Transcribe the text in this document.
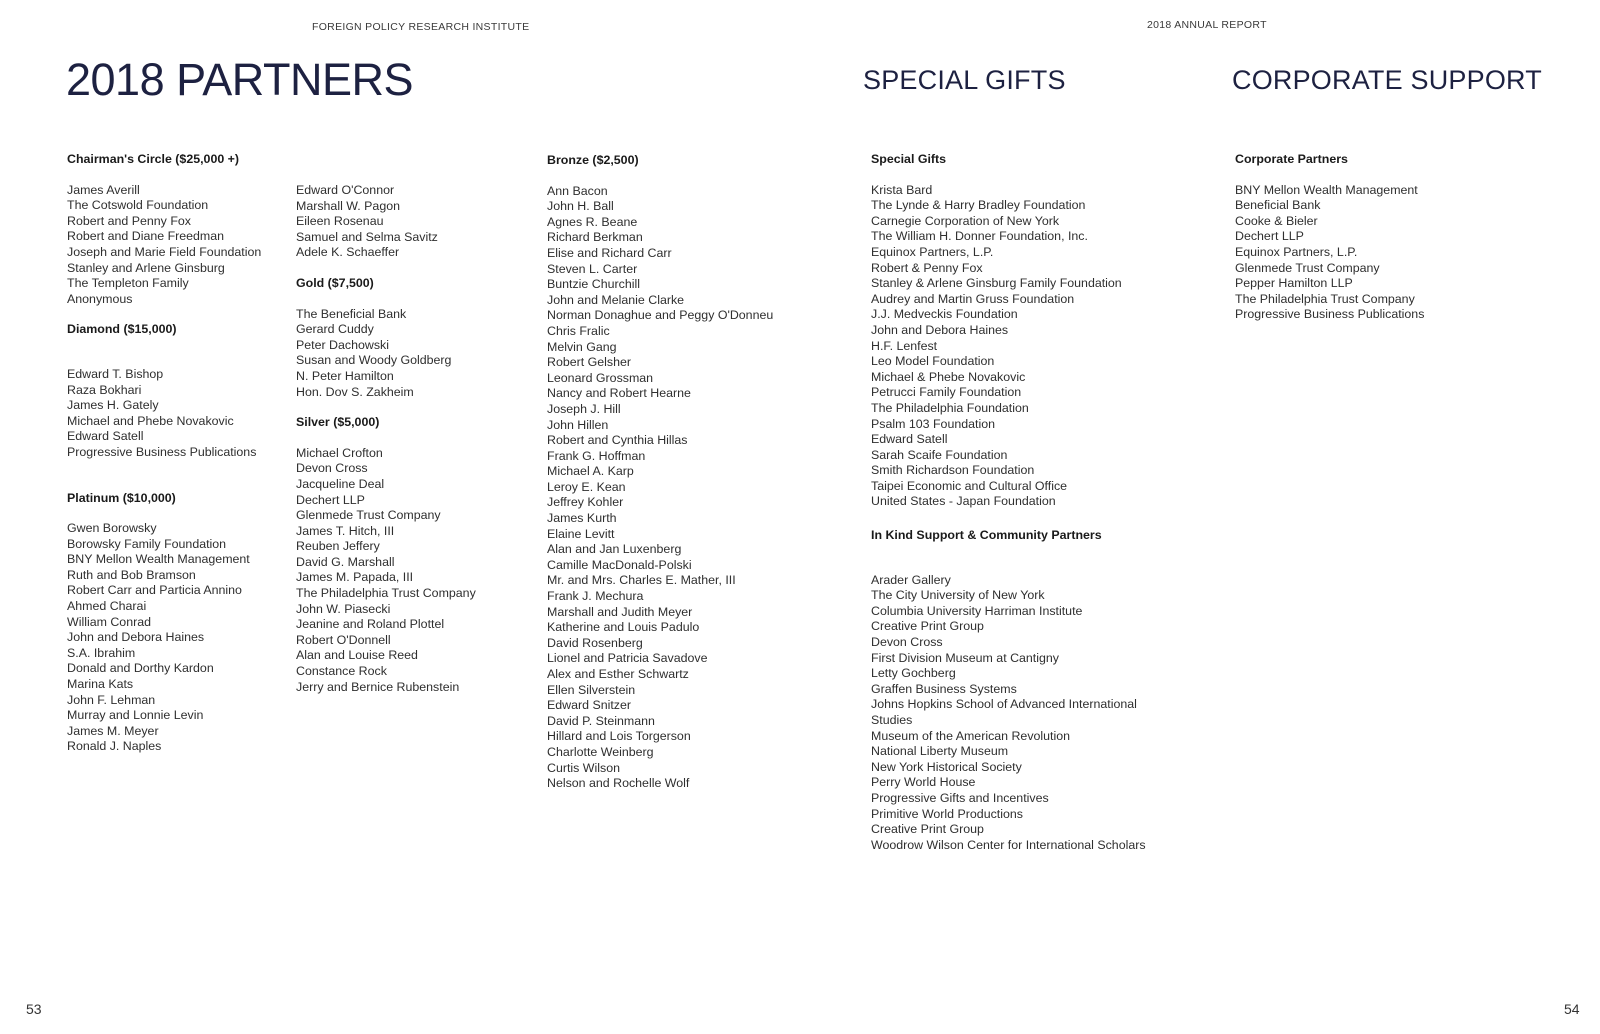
FOREIGN POLICY RESEARCH INSTITUTE	2018 ANNUAL REPORT
2018 PARTNERS	SPECIAL GIFTS	CORPORATE SUPPORT
Chairman's Circle ($25,000 +)
James Averill
The Cotswold Foundation
Robert and Penny Fox
Robert and Diane Freedman
Joseph and Marie Field Foundation
Stanley and Arlene Ginsburg
The Templeton Family
Anonymous
Diamond ($15,000)
Edward T. Bishop
Raza Bokhari
James H. Gately
Michael and Phebe Novakovic
Edward Satell
Progressive Business Publications
Platinum ($10,000)
Gwen Borowsky
Borowsky Family Foundation
BNY Mellon Wealth Management
Ruth and Bob Bramson
Robert Carr and Particia Annino
Ahmed Charai
William Conrad
John and Debora Haines
S.A. Ibrahim
Donald and Dorthy Kardon
Marina Kats
John F. Lehman
Murray and Lonnie Levin
James M. Meyer
Ronald J. Naples
Edward O'Connor
Marshall W. Pagon
Eileen Rosenau
Samuel and Selma Savitz
Adele K. Schaeffer
Gold ($7,500)
The Beneficial Bank
Gerard Cuddy
Peter Dachowski
Susan and Woody Goldberg
N. Peter Hamilton
Hon. Dov S. Zakheim
Silver ($5,000)
Michael Crofton
Devon Cross
Jacqueline Deal
Dechert LLP
Glenmede Trust Company
James T. Hitch, III
Reuben Jeffery
David G. Marshall
James M. Papada, III
The Philadelphia Trust Company
John W. Piasecki
Jeanine and Roland Plottel
Robert O'Donnell
Alan and Louise Reed
Constance Rock
Jerry and Bernice Rubenstein
Bronze ($2,500)
Ann Bacon
John H. Ball
Agnes R. Beane
Richard Berkman
Elise and Richard Carr
Steven L. Carter
Buntzie Churchill
John and Melanie Clarke
Norman Donaghue and Peggy O'Donneu
Chris Fralic
Melvin Gang
Robert Gelsher
Leonard Grossman
Nancy and Robert Hearne
Joseph J. Hill
John Hillen
Robert and Cynthia Hillas
Frank G. Hoffman
Michael A. Karp
Leroy E. Kean
Jeffrey Kohler
James Kurth
Elaine Levitt
Alan and Jan Luxenberg
Camille MacDonald-Polski
Mr. and Mrs. Charles E. Mather, III
Frank J. Mechura
Marshall and Judith Meyer
Katherine and Louis Padulo
David Rosenberg
Lionel and Patricia Savadove
Alex and Esther Schwartz
Ellen Silverstein
Edward Snitzer
David P. Steinmann
Hillard and Lois Torgerson
Charlotte Weinberg
Curtis Wilson
Nelson and Rochelle Wolf
Special Gifts
Krista Bard
The Lynde & Harry Bradley Foundation
Carnegie Corporation of New York
The William H. Donner Foundation, Inc.
Equinox Partners, L.P.
Robert & Penny Fox
Stanley & Arlene Ginsburg Family Foundation
Audrey and Martin Gruss Foundation
J.J. Medveckis Foundation
John and Debora Haines
H.F. Lenfest
Leo Model Foundation
Michael & Phebe Novakovic
Petrucci Family Foundation
The Philadelphia Foundation
Psalm 103 Foundation
Edward Satell
Sarah Scaife Foundation
Smith Richardson Foundation
Taipei Economic and Cultural Office
United States - Japan Foundation
In Kind Support & Community Partners
Arader Gallery
The City University of New York
Columbia University Harriman Institute
Creative Print Group
Devon Cross
First Division Museum at Cantigny
Letty Gochberg
Graffen Business Systems
Johns Hopkins School of Advanced International
Studies
Museum of the American Revolution
National Liberty Museum
New York Historical Society
Perry World House
Progressive Gifts and Incentives
Primitive World Productions
Creative Print Group
Woodrow Wilson Center for International Scholars
Corporate Partners
BNY Mellon Wealth Management
Beneficial Bank
Cooke & Bieler
Dechert LLP
Equinox Partners, L.P.
Glenmede Trust Company
Pepper Hamilton LLP
The Philadelphia Trust Company
Progressive Business Publications
53	54
